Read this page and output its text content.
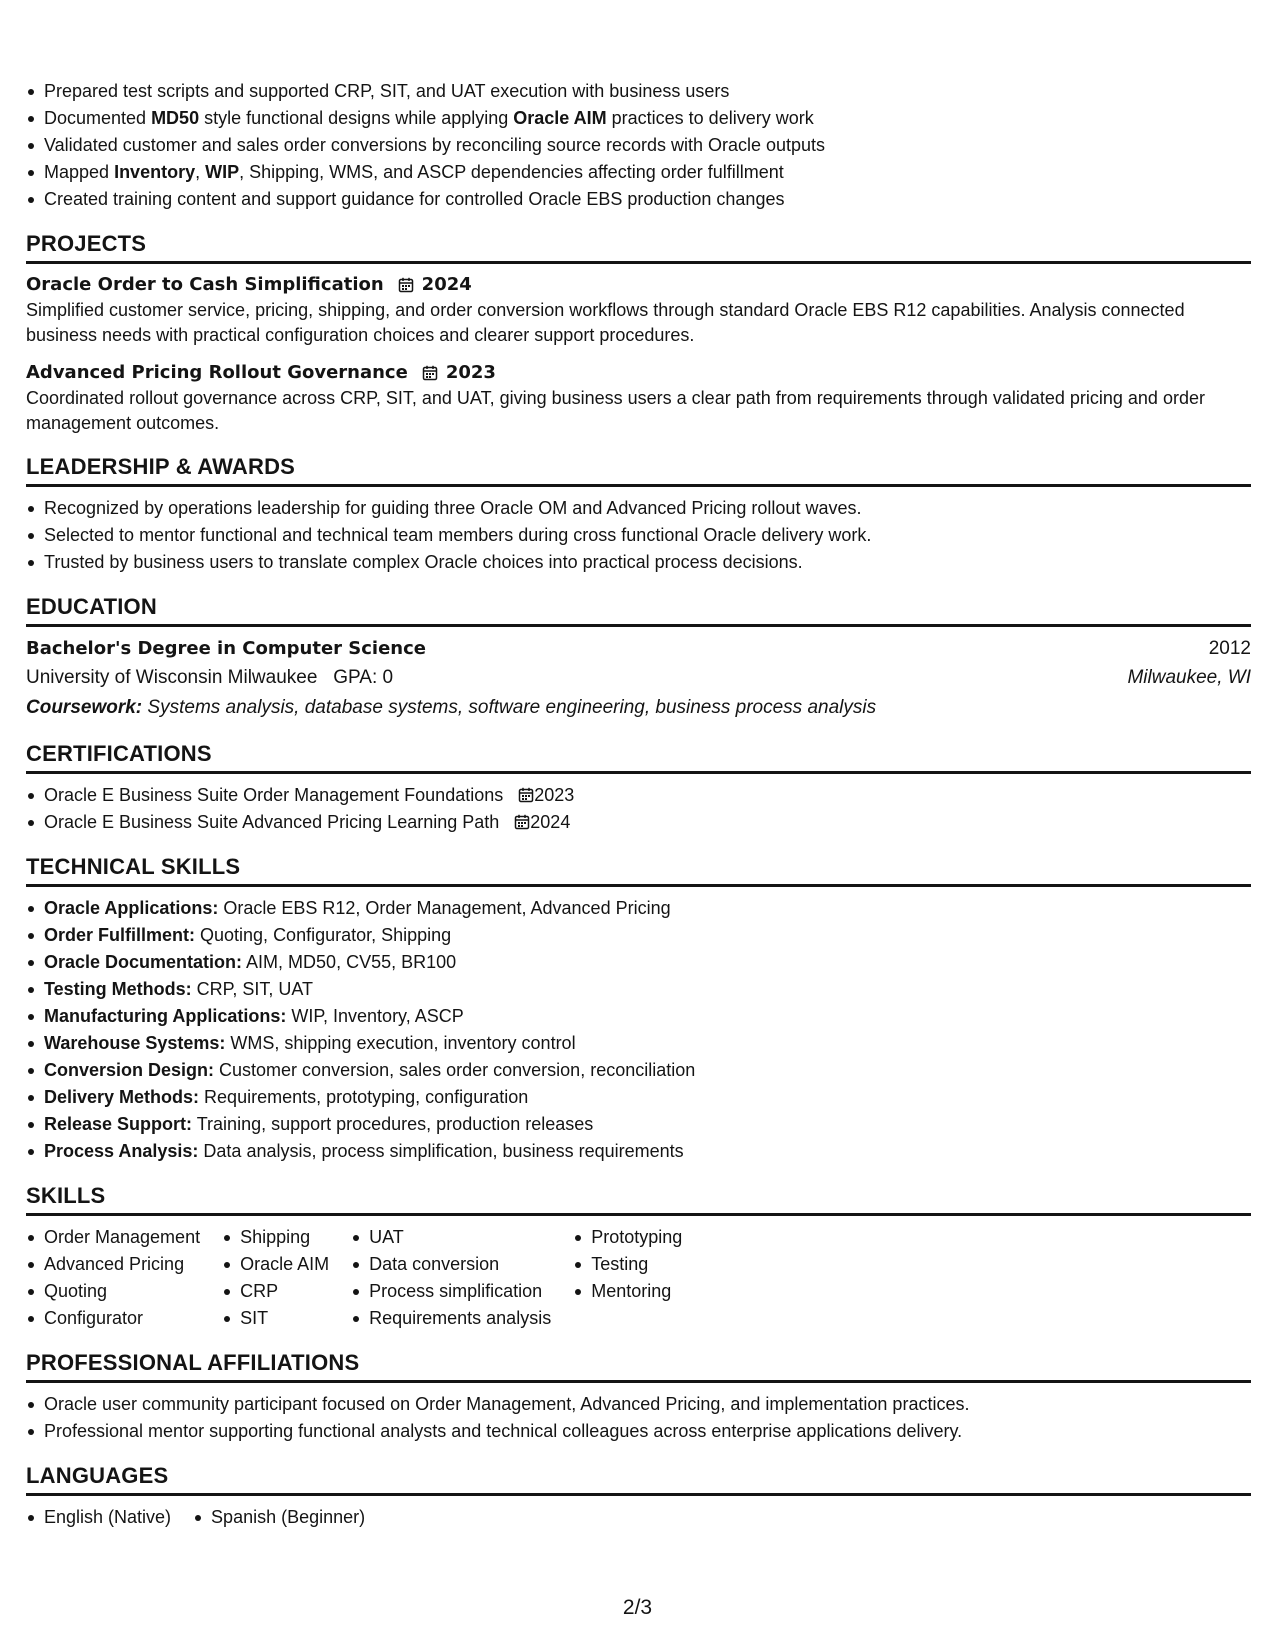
Prepared test scripts and supported CRP, SIT, and UAT execution with business users
Documented MD50 style functional designs while applying Oracle AIM practices to delivery work
Validated customer and sales order conversions by reconciling source records with Oracle outputs
Mapped Inventory, WIP, Shipping, WMS, and ASCP dependencies affecting order fulfillment
Created training content and support guidance for controlled Oracle EBS production changes
PROJECTS
Oracle Order to Cash Simplification 2024
Simplified customer service, pricing, shipping, and order conversion workflows through standard Oracle EBS R12 capabilities. Analysis connected business needs with practical configuration choices and clearer support procedures.
Advanced Pricing Rollout Governance 2023
Coordinated rollout governance across CRP, SIT, and UAT, giving business users a clear path from requirements through validated pricing and order management outcomes.
LEADERSHIP & AWARDS
Recognized by operations leadership for guiding three Oracle OM and Advanced Pricing rollout waves.
Selected to mentor functional and technical team members during cross functional Oracle delivery work.
Trusted by business users to translate complex Oracle choices into practical process decisions.
EDUCATION
Bachelor's Degree in Computer Science	2012
University of Wisconsin Milwaukee GPA: 0	Milwaukee, WI
Coursework: Systems analysis, database systems, software engineering, business process analysis
CERTIFICATIONS
Oracle E Business Suite Order Management Foundations 2023
Oracle E Business Suite Advanced Pricing Learning Path 2024
TECHNICAL SKILLS
Oracle Applications: Oracle EBS R12, Order Management, Advanced Pricing
Order Fulfillment: Quoting, Configurator, Shipping
Oracle Documentation: AIM, MD50, CV55, BR100
Testing Methods: CRP, SIT, UAT
Manufacturing Applications: WIP, Inventory, ASCP
Warehouse Systems: WMS, shipping execution, inventory control
Conversion Design: Customer conversion, sales order conversion, reconciliation
Delivery Methods: Requirements, prototyping, configuration
Release Support: Training, support procedures, production releases
Process Analysis: Data analysis, process simplification, business requirements
SKILLS
Order Management
Advanced Pricing
Quoting
Configurator
Shipping
Oracle AIM
CRP
SIT
UAT
Data conversion
Process simplification
Requirements analysis
Prototyping
Testing
Mentoring
PROFESSIONAL AFFILIATIONS
Oracle user community participant focused on Order Management, Advanced Pricing, and implementation practices.
Professional mentor supporting functional analysts and technical colleagues across enterprise applications delivery.
LANGUAGES
English (Native)	Spanish (Beginner)
2/3
